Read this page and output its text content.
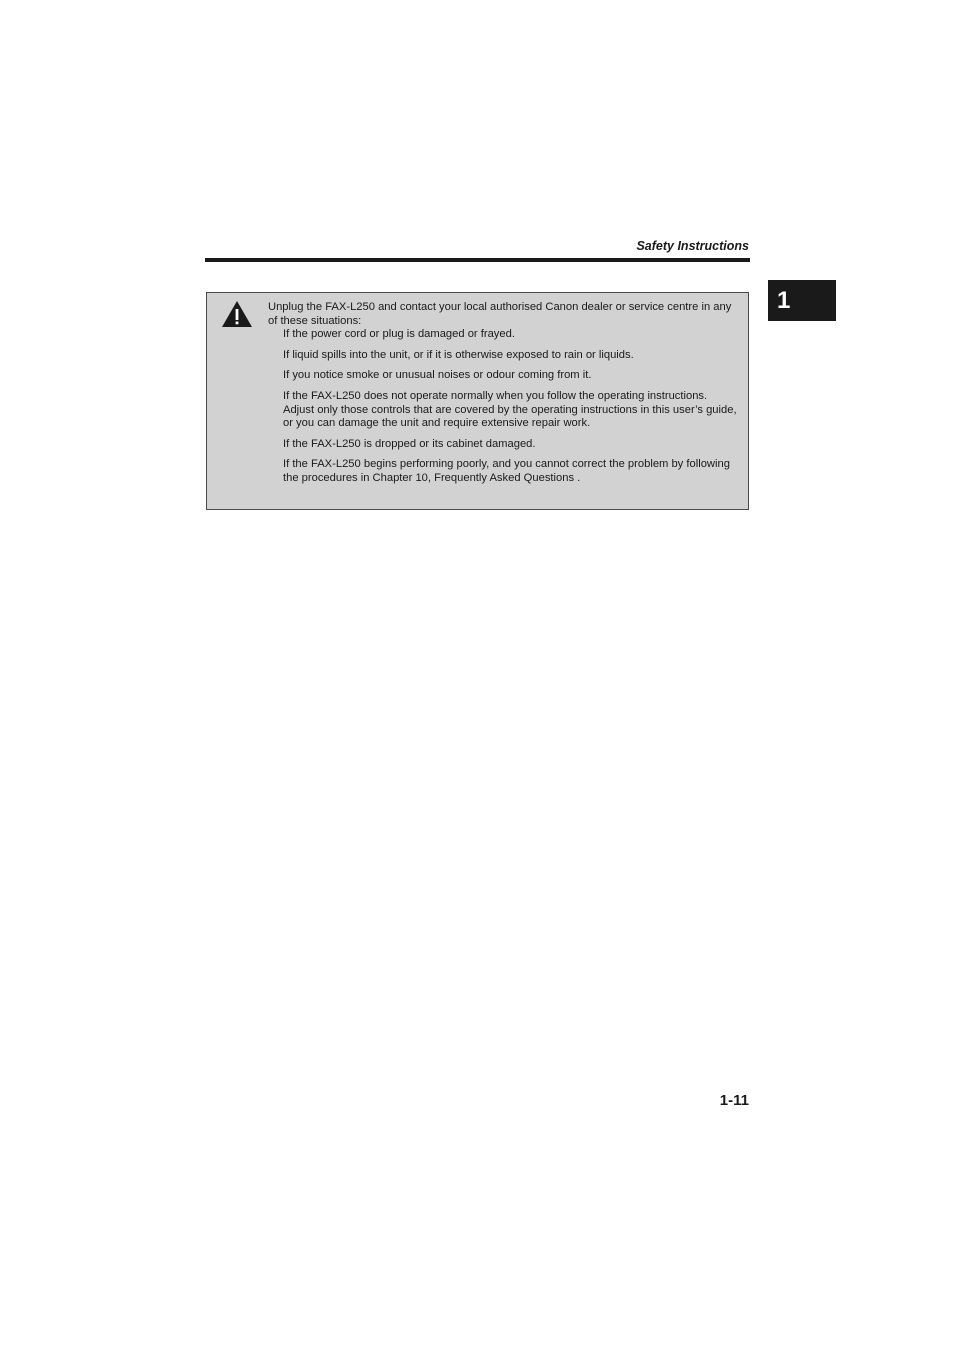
Safety Instructions
1

Unplug the FAX-L250 and contact your local authorised Canon dealer or service centre in any of these situations:

If the power cord or plug is damaged or frayed.
If liquid spills into the unit, or if it is otherwise exposed to rain or liquids.
If you notice smoke or unusual noises or odour coming from it.
If the FAX-L250 does not operate normally when you follow the operating instructions. Adjust only those controls that are covered by the operating instructions in this user’s guide, or you can damage the unit and require extensive repair work.
If the FAX-L250 is dropped or its cabinet damaged.
If the FAX-L250 begins performing poorly, and you cannot correct the problem by following the procedures in Chapter 10, Frequently Asked Questions .
1-11
